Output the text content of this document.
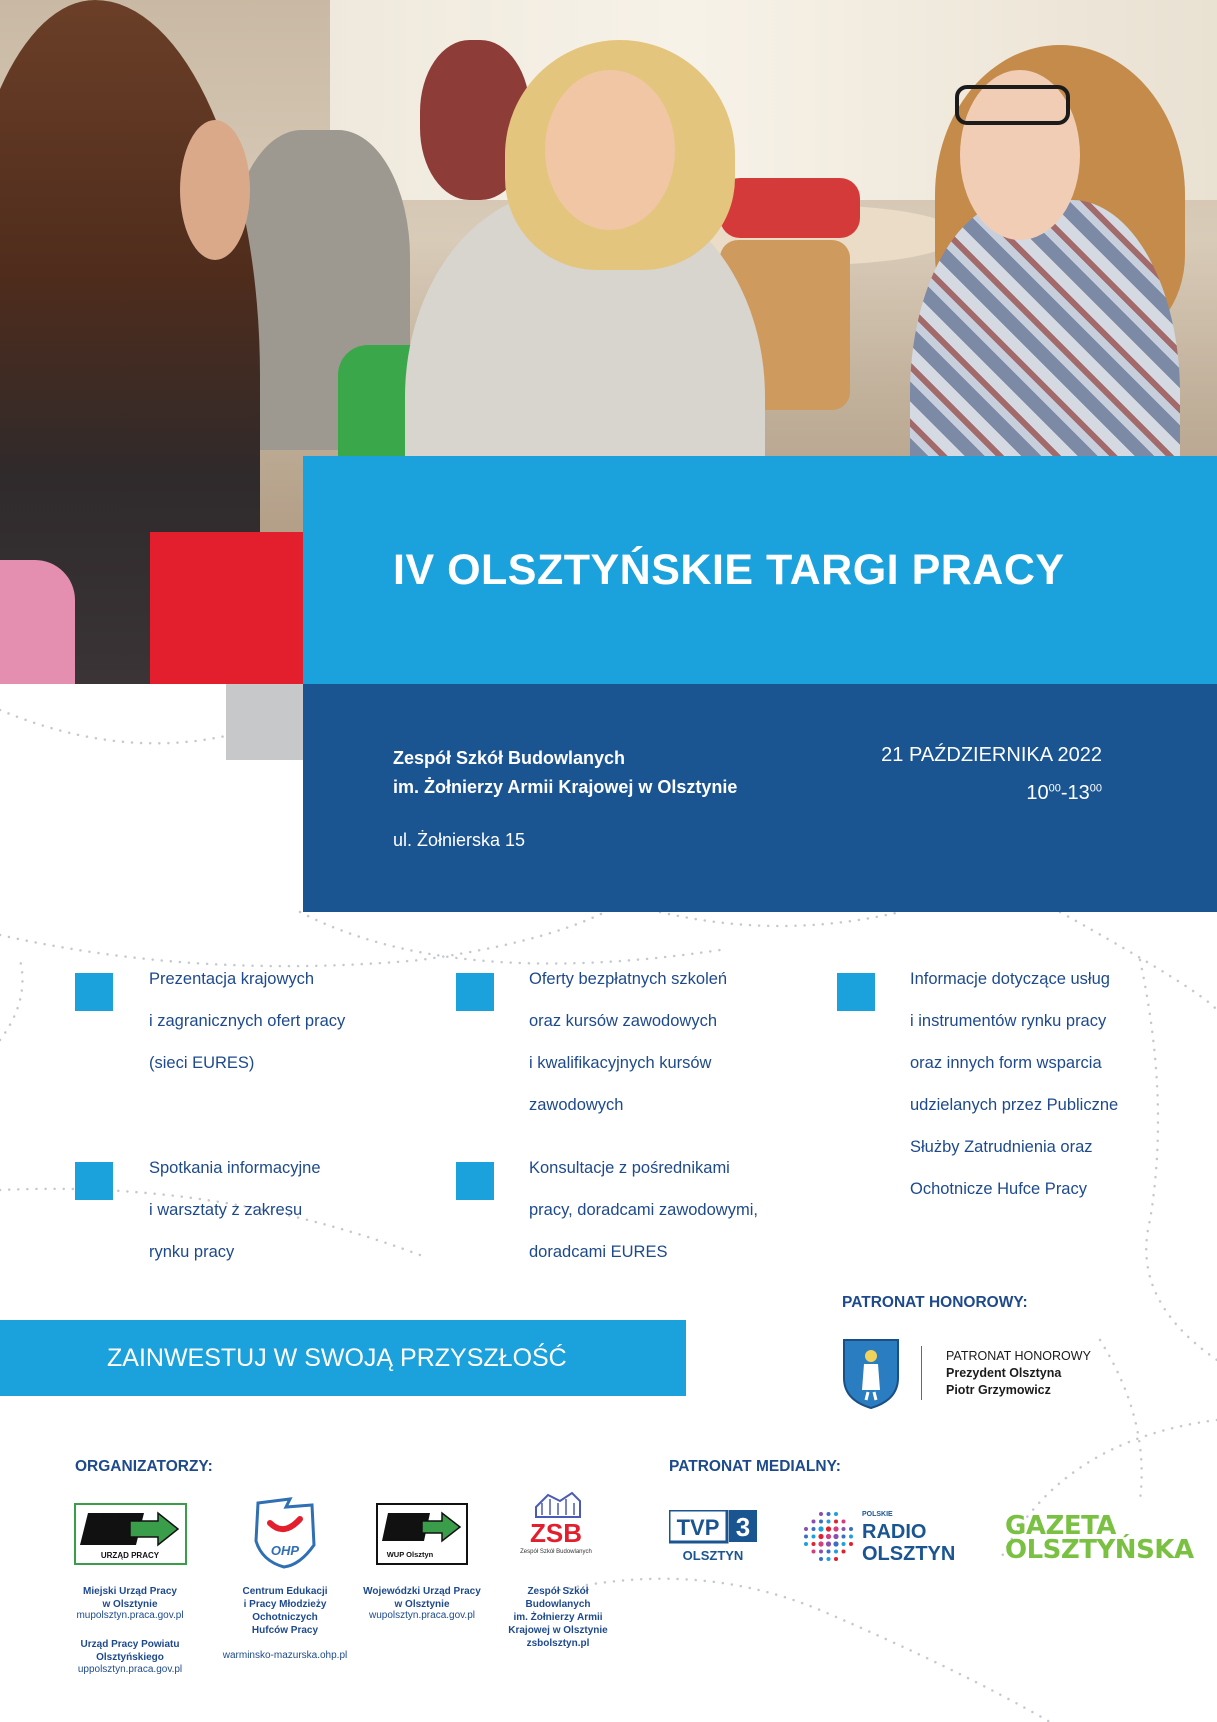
IV OLSZTYŃSKIE TARGI PRACY
Zespół Szkół Budowlanych
im. Żołnierzy Armii Krajowej w Olsztynie
ul. Żołnierska 15
21 PAŹDZIERNIKA 2022
$10^{00}-13^{00}$
Prezentacja krajowych
i zagranicznych ofert pracy
(sieci EURES)
Oferty bezpłatnych szkoleń
oraz kursów zawodowych
i kwalifikacyjnych kursów
zawodowych
Informacje dotyczące usług
i instrumentów rynku pracy
oraz innych form wsparcia
udzielanych przez Publiczne
Służby Zatrudnienia oraz
Ochotnicze Hufce Pracy
Spotkania informacyjne
i warsztaty z zakresu
rynku pracy
Konsultacje z pośrednikami
pracy, doradcami zawodowymi,
doradcami EURES
ZAINWESTUJ W SWOJĄ PRZYSZŁOŚĆ
PATRONAT HONOROWY:
PATRONAT HONOROWY
Prezydent Olsztyna
Piotr Grzymowicz
ORGANIZATORZY:	PATRONAT MEDIALNY:
URZĄD PRACY
Miejski Urząd Pracy
w Olsztynie
mupolsztyn.praca.gov.pl
Urząd Pracy Powiatu
Olsztyńskiego
uppolsztyn.praca.gov.pl
OHP
Centrum Edukacji
i Pracy Młodzieży
Ochotniczych
Hufców Pracy
warminsko-mazurska.ohp.pl
WUP Olsztyn
Wojewódzki Urząd Pracy
w Olsztynie
wupolsztyn.praca.gov.pl
ZSB
Zespół Szkół Budowlanych
Zespół Szkół
Budowlanych
im. Żołnierzy Armii
Krajowej w Olsztynie
zsbolsztyn.pl
TVP 3
OLSZTYN
POLSKIE
RADIO
OLSZTYN
GAZETA
OLSZTYŃSKA
